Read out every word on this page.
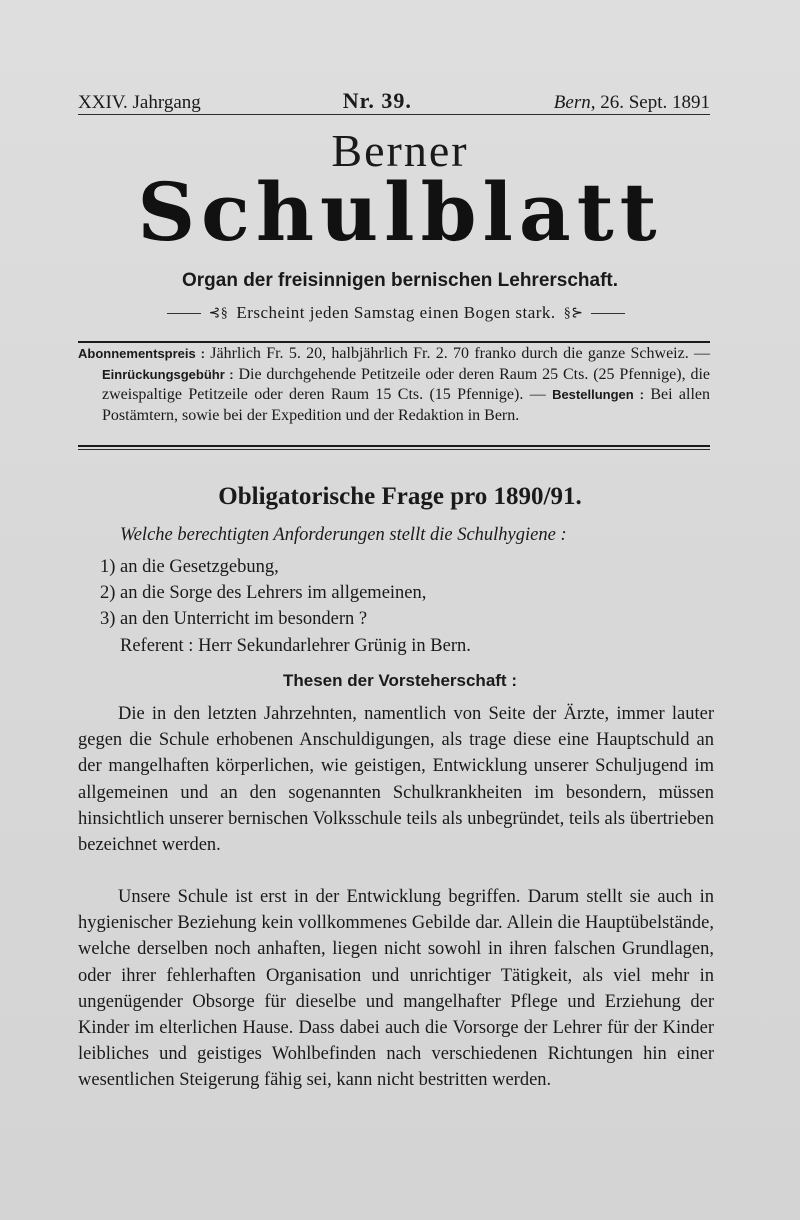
XXIV. Jahrgang	Nr. 39.	Bern, 26. Sept. 1891
Berner
Schulblatt
Organ der freisinnigen bernischen Lehrerschaft.
⊰§ Erscheint jeden Samstag einen Bogen stark. §⊱

Abonnementspreis : Jährlich Fr. 5. 20, halbjährlich Fr. 2. 70 franko durch die ganze Schweiz. — Einrückungsgebühr : Die durchgehende Petitzeile oder deren Raum 25 Cts. (25 Pfennige), die zweispaltige Petitzeile oder deren Raum 15 Cts. (15 Pfennige). — Bestellungen : Bei allen Postämtern, sowie bei der Expedition und der Redaktion in Bern.

Obligatorische Frage pro 1890/91.
Welche berechtigten Anforderungen stellt die Schulhygiene :
1) an die Gesetzgebung,
2) an die Sorge des Lehrers im allgemeinen,
3) an den Unterricht im besondern ?
Referent : Herr Sekundarlehrer Grünig in Bern.
Thesen der Vorsteherschaft :

Die in den letzten Jahrzehnten, namentlich von Seite der Ärzte, immer lauter gegen die Schule erhobenen Anschuldigungen, als trage diese eine Hauptschuld an der mangelhaften körperlichen, wie geistigen, Entwicklung unserer Schuljugend im allgemeinen und an den sogenannten Schulkrankheiten im besondern, müssen hinsichtlich unserer bernischen Volksschule teils als unbegründet, teils als übertrieben bezeichnet werden.

Unsere Schule ist erst in der Entwicklung begriffen. Darum stellt sie auch in hygienischer Beziehung kein vollkommenes Gebilde dar. Allein die Hauptübelstände, welche derselben noch anhaften, liegen nicht sowohl in ihren falschen Grundlagen, oder ihrer fehlerhaften Organisation und unrichtiger Tätigkeit, als viel mehr in ungenügender Obsorge für dieselbe und mangelhafter Pflege und Erziehung der Kinder im elterlichen Hause. Dass dabei auch die Vorsorge der Lehrer für der Kinder leibliches und geistiges Wohlbefinden nach verschiedenen Richtungen hin einer wesentlichen Steigerung fähig sei, kann nicht bestritten werden.
